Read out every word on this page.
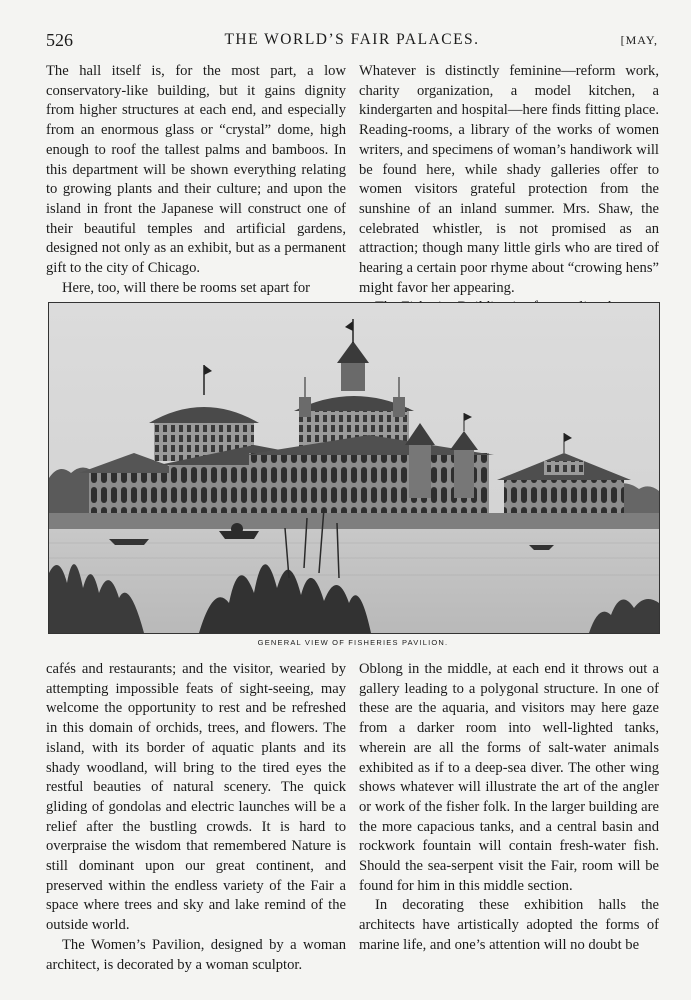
526	THE WORLD’S FAIR PALACES.	[MAY,

The hall itself is, for the most part, a low conservatory-like building, but it gains dignity from higher structures at each end, and especially from an enormous glass or “crystal” dome, high enough to roof the tallest palms and bamboos. In this department will be shown everything relating to growing plants and their culture; and upon the island in front the Japanese will construct one of their beautiful temples and artificial gardens, designed not only as an exhibit, but as a permanent gift to the city of Chicago.

Here, too, will there be rooms set apart for

Whatever is distinctly feminine—reform work, charity organization, a model kitchen, a kindergarten and hospital—here finds fitting place. Reading-rooms, a library of the works of women writers, and specimens of woman’s handiwork will be found here, while shady galleries offer to women visitors grateful protection from the sunshine of an inland summer. Mrs. Shaw, the celebrated whistler, is not promised as an attraction; though many little girls who are tired of hearing a certain poor rhyme about “crowing hens” might favor her appearing.

GENERAL VIEW OF FISHERIES PAVILION.

cafés and restaurants; and the visitor, wearied by attempting impossible feats of sight-seeing, may welcome the opportunity to rest and be refreshed in this domain of orchids, trees, and flowers. The island, with its border of aquatic plants and its shady woodland, will bring to the tired eyes the restful beauties of natural scenery. The quick gliding of gondolas and electric launches will be a relief after the bustling crowds. It is hard to overpraise the wisdom that remembered Nature is still dominant upon our great continent, and preserved within the endless variety of the Fair a space where trees and sky and lake remind of the outside world.

The Women’s Pavilion, designed by a woman architect, is decorated by a woman sculptor.

Oblong in the middle, at each end it throws out a gallery leading to a polygonal structure. In one of these are the aquaria, and visitors may here gaze from a darker room into well-lighted tanks, wherein are all the forms of salt-water animals exhibited as if to a deep-sea diver. The other wing shows whatever will illustrate the art of the angler or work of the fisher folk. In the larger building are the more capacious tanks, and a central basin and rockwork fountain will contain fresh-water fish. Should the sea-serpent visit the Fair, room will be found for him in this middle section.

In decorating these exhibition halls the architects have artistically adopted the forms of marine life, and one’s attention will no doubt be
